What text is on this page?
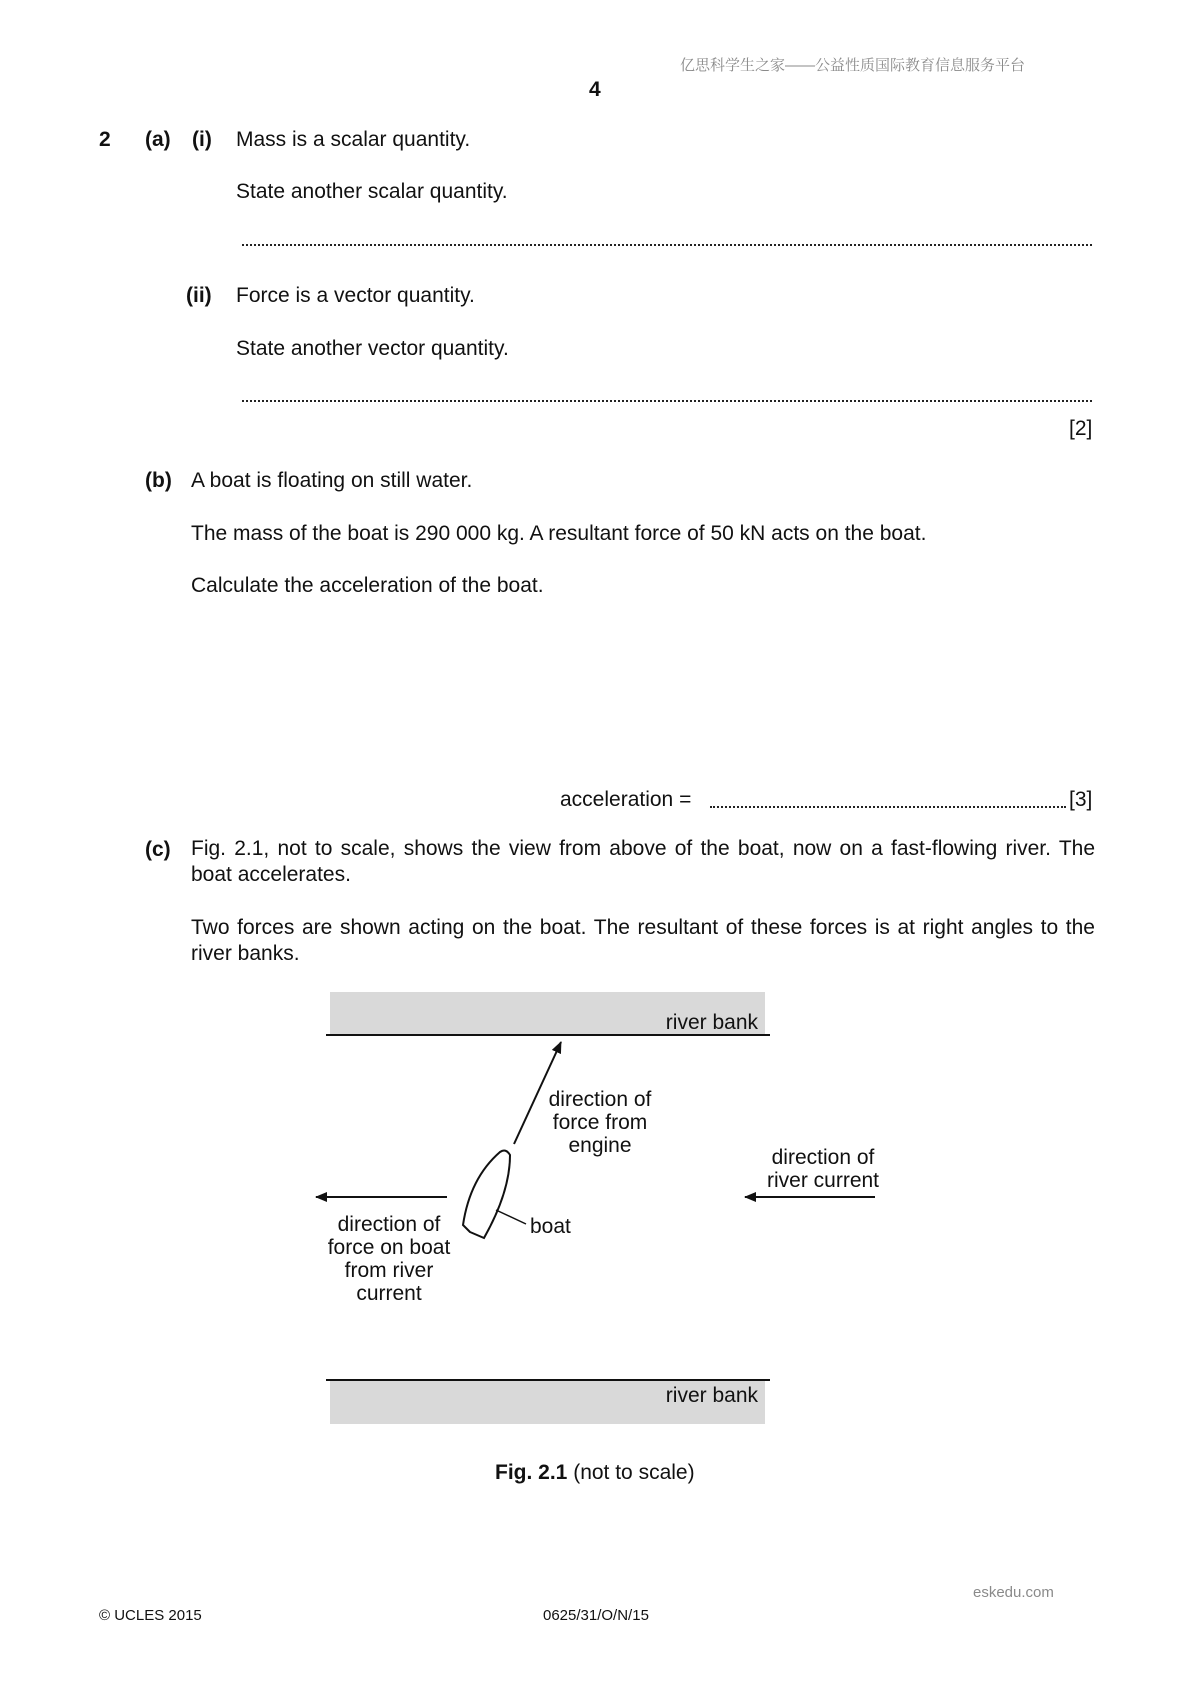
亿思科学生之家——公益性质国际教育信息服务平台
4
2 (a) (i) Mass is a scalar quantity.
State another scalar quantity.
(ii) Force is a vector quantity.
State another vector quantity.
[2]
(b) A boat is floating on still water.
The mass of the boat is 290 000 kg. A resultant force of 50 kN acts on the boat.
Calculate the acceleration of the boat.
acceleration =	[3]
(c) Fig. 2.1, not to scale, shows the view from above of the boat, now on a fast-flowing river. The boat accelerates.
Two forces are shown acting on the boat. The resultant of these forces is at right angles to the river banks.
river bank
river bank
direction of
force from
engine
boat
direction of
river current
direction of
force on boat
from river
current
Fig. 2.1 (not to scale)
eskedu.com
© UCLES 2015	0625/31/O/N/15
